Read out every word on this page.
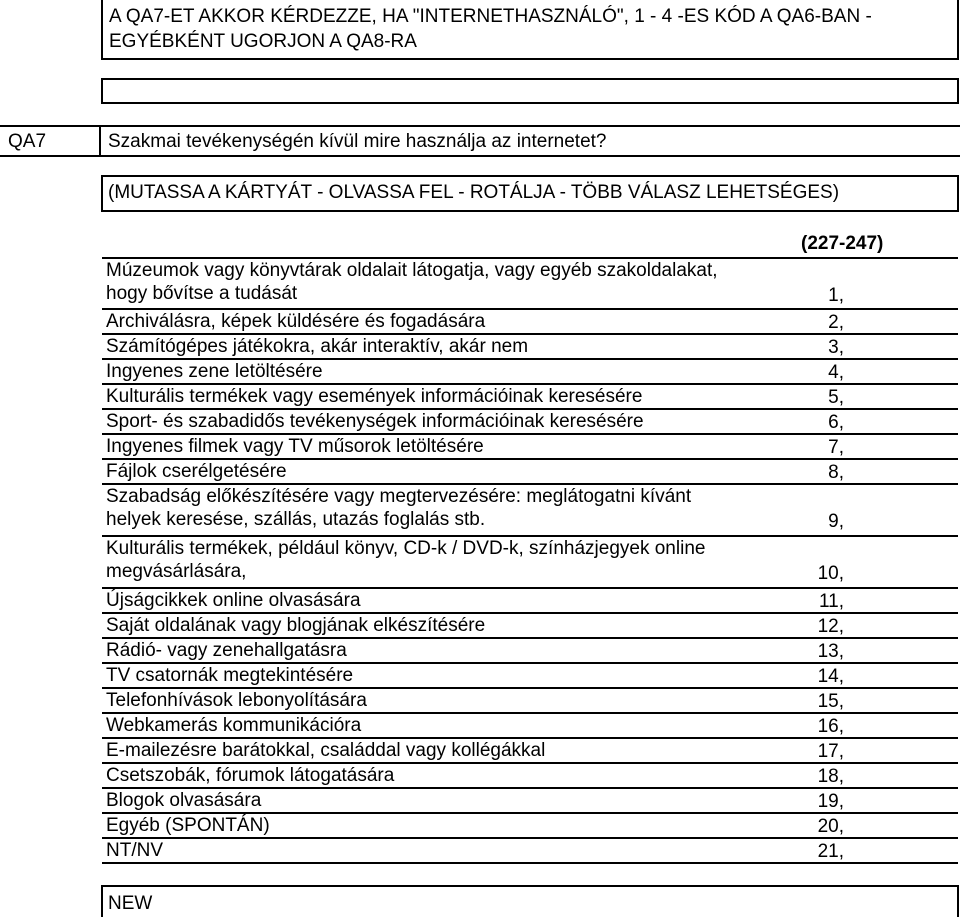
A QA7-ET AKKOR KÉRDEZZE, HA "INTERNETHASZNÁLÓ", 1 - 4 -ES KÓD A QA6-BAN -
EGYÉBKÉNT UGORJON A QA8-RA
QA7	Szakmai tevékenységén kívül mire használja az internetet?
(MUTASSA A KÁRTYÁT - OLVASSA FEL - ROTÁLJA - TÖBB VÁLASZ LEHETSÉGES)
(227-247)
Múzeumok vagy könyvtárak oldalait látogatja, vagy egyéb szakoldalakat,
hogy bővítse a tudását	1,
Archiválásra, képek küldésére és fogadására	2,
Számítógépes játékokra, akár interaktív, akár nem	3,
Ingyenes zene letöltésére	4,
Kulturális termékek vagy események információinak keresésére	5,
Sport- és szabadidős tevékenységek információinak keresésére	6,
Ingyenes filmek vagy TV műsorok letöltésére	7,
Fájlok cserélgetésére	8,
Szabadság előkészítésére vagy megtervezésére: meglátogatni kívánt
helyek keresése, szállás, utazás foglalás stb.	9,
Kulturális termékek, például könyv, CD-k / DVD-k, színházjegyek online
megvásárlására,	10,
Újságcikkek online olvasására	11,
Saját oldalának vagy blogjának elkészítésére	12,
Rádió- vagy zenehallgatásra	13,
TV csatornák megtekintésére	14,
Telefonhívások lebonyolítására	15,
Webkamerás kommunikációra	16,
E-mailezésre barátokkal, családdal vagy kollégákkal	17,
Csetszobák, fórumok látogatására	18,
Blogok olvasására	19,
Egyéb (SPONTÁN)	20,
NT/NV	21,
NEW
